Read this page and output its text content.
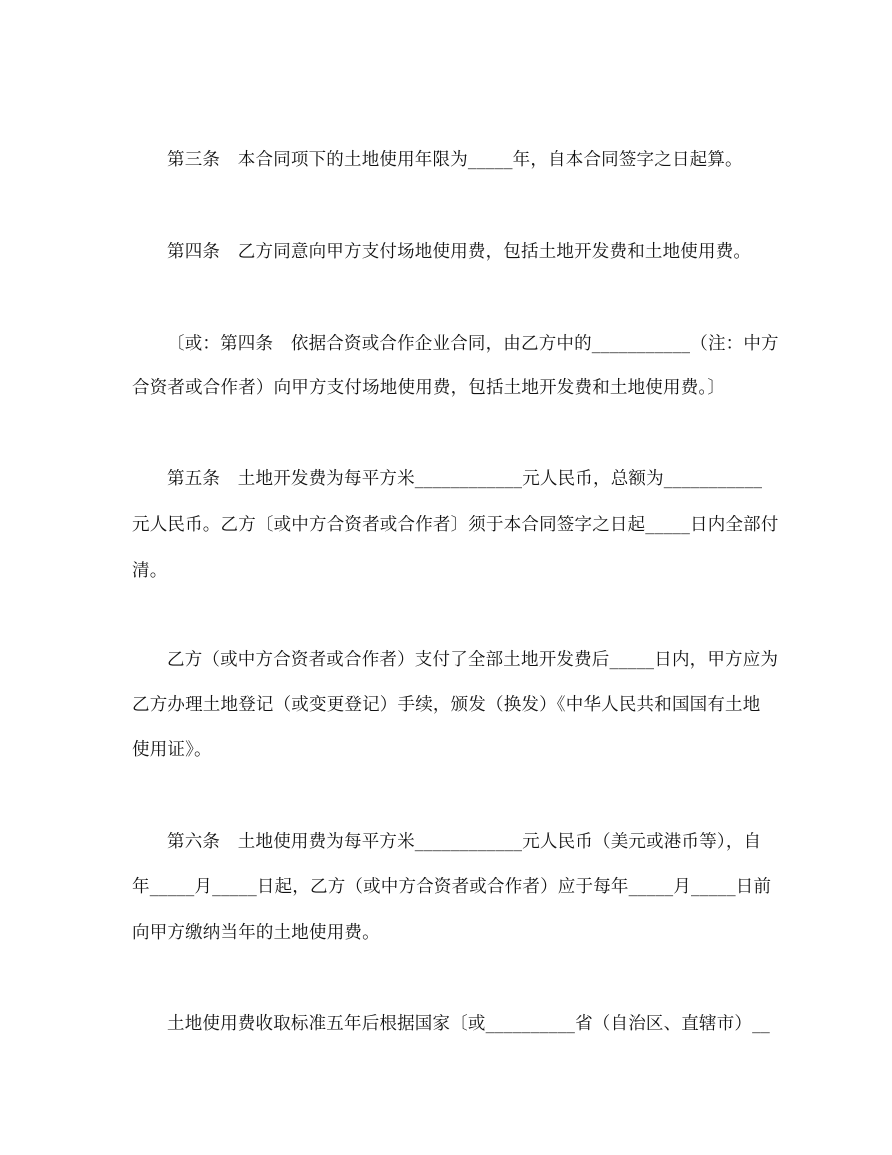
第三条　本合同项下的土地使用年限为_____年，自本合同签字之日起算。
第四条　乙方同意向甲方支付场地使用费，包括土地开发费和土地使用费。
〔或：第四条　依据合资或合作企业合同，由乙方中的___________（注：中方
合资者或合作者）向甲方支付场地使用费，包括土地开发费和土地使用费。〕
第五条　土地开发费为每平方米____________元人民币，总额为___________
元人民币。乙方〔或中方合资者或合作者〕须于本合同签字之日起_____日内全部付
清。
乙方（或中方合资者或合作者）支付了全部土地开发费后_____日内，甲方应为
乙方办理土地登记（或变更登记）手续，颁发（换发）《中华人民共和国国有土地
使用证》。
第六条　土地使用费为每平方米____________元人民币（美元或港币等），自
年_____月_____日起，乙方（或中方合资者或合作者）应于每年_____月_____日前
向甲方缴纳当年的土地使用费。
土地使用费收取标准五年后根据国家〔或__________省（自治区、直辖市）__
